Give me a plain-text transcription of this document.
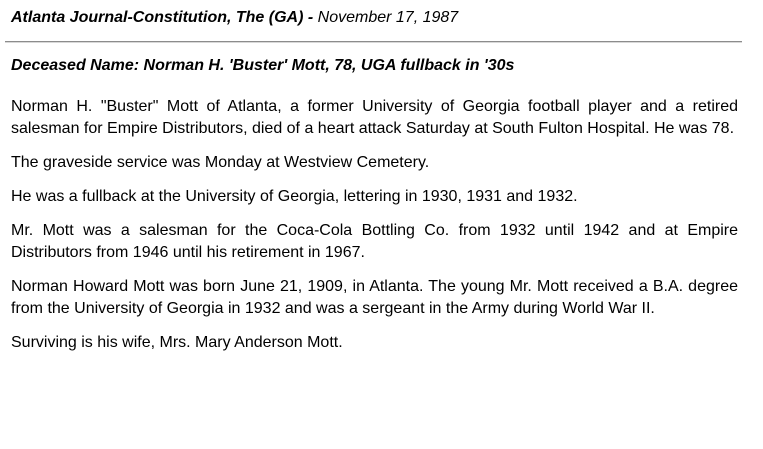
Atlanta Journal-Constitution, The (GA) - November 17, 1987
Deceased Name: Norman H. 'Buster' Mott, 78, UGA fullback in '30s

Norman H. "Buster" Mott of Atlanta, a former University of Georgia football player and a retired salesman for Empire Distributors, died of a heart attack Saturday at South Fulton Hospital. He was 78.

The graveside service was Monday at Westview Cemetery.

He was a fullback at the University of Georgia, lettering in 1930, 1931 and 1932.

Mr. Mott was a salesman for the Coca-Cola Bottling Co. from 1932 until 1942 and at Empire Distributors from 1946 until his retirement in 1967.

Norman Howard Mott was born June 21, 1909, in Atlanta. The young Mr. Mott received a B.A. degree from the University of Georgia in 1932 and was a sergeant in the Army during World War II.

Surviving is his wife, Mrs. Mary Anderson Mott.
